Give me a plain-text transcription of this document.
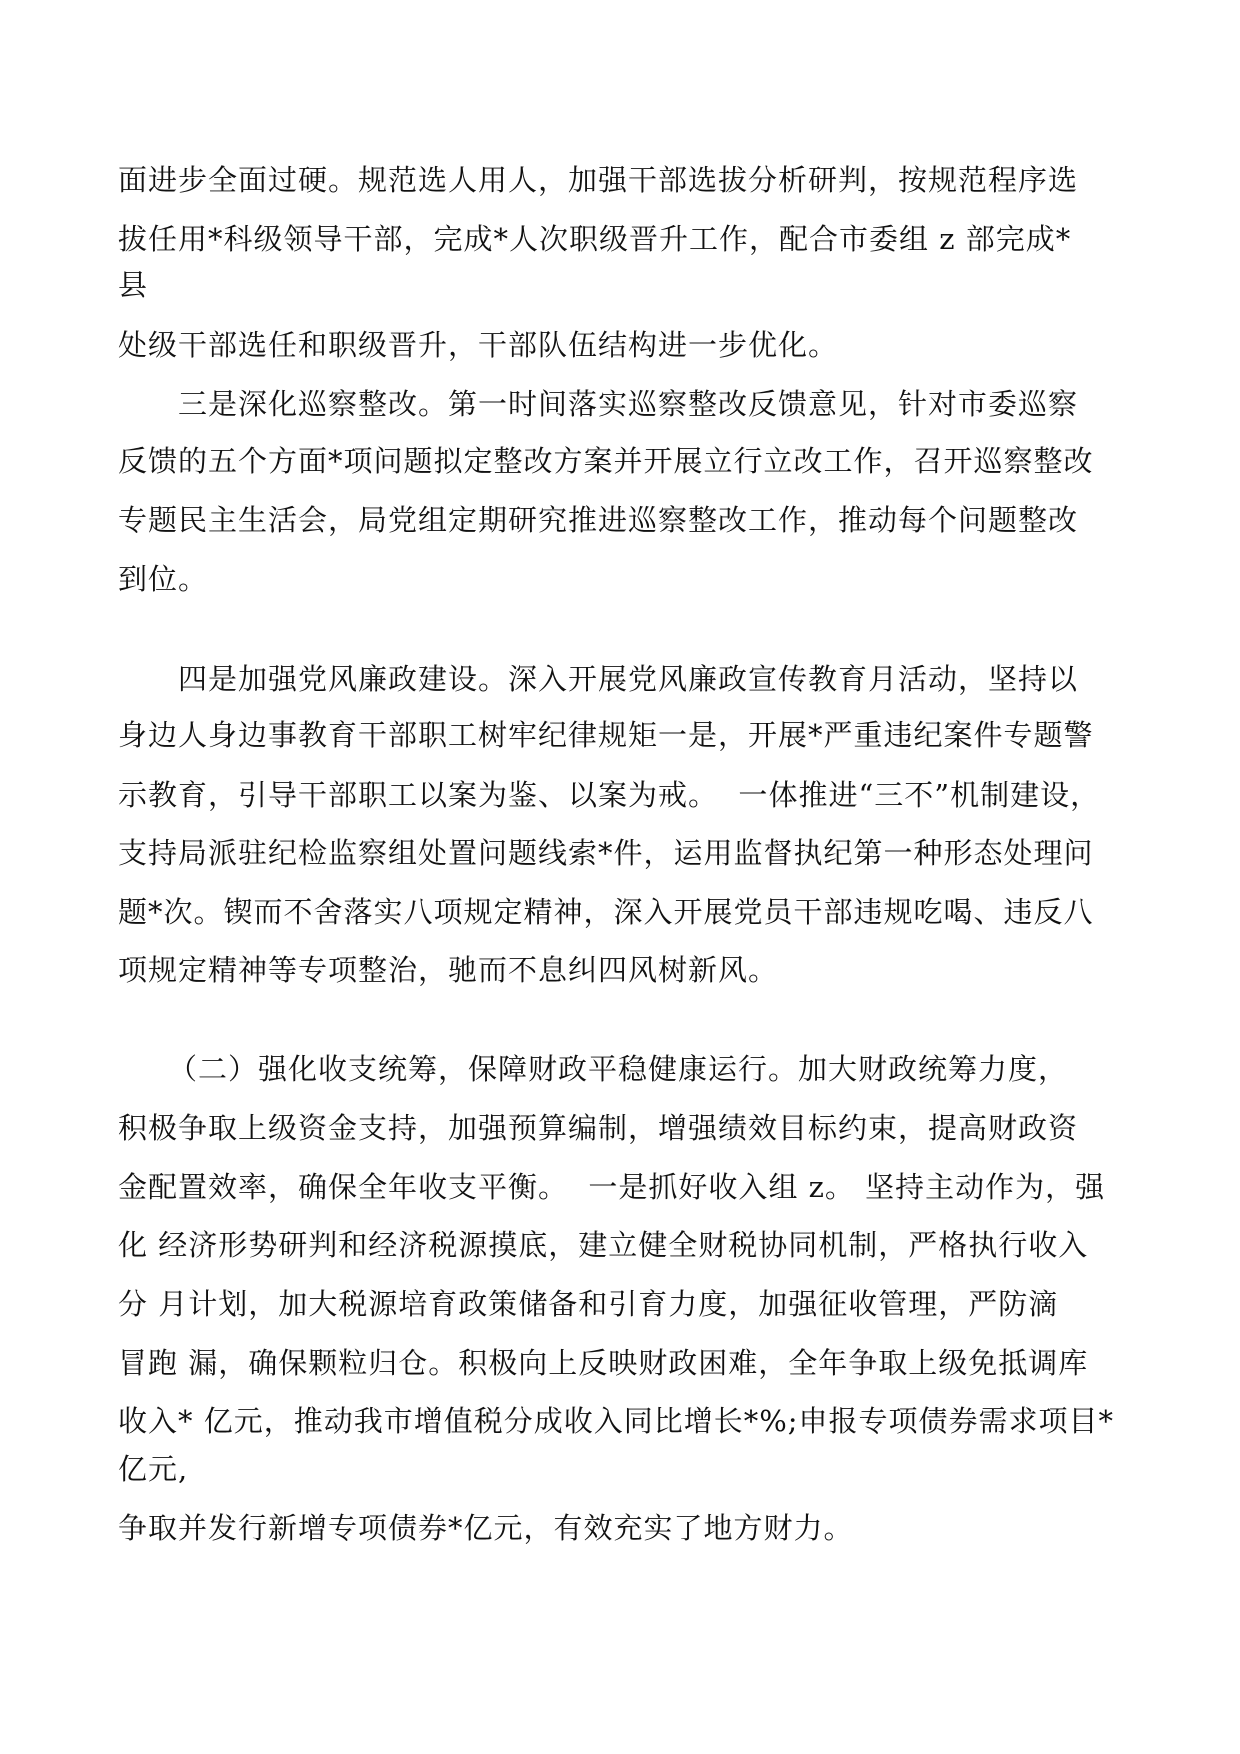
面进步全面过硬。规范选人用人，加强干部选拔分析研判，按规范程序选
拔任用*科级领导干部，完成*人次职级晋升工作，配合市委组 z 部完成*
县
处级干部选任和职级晋升，干部队伍结构进一步优化。
三是深化巡察整改。第一时间落实巡察整改反馈意见，针对市委巡察
反馈的五个方面*项问题拟定整改方案并开展立行立改工作，召开巡察整改
专题民主生活会，局党组定期研究推进巡察整改工作，推动每个问题整改
到位。
四是加强党风廉政建设。深入开展党风廉政宣传教育月活动，坚持以
身边人身边事教育干部职工树牢纪律规矩一是，开展*严重违纪案件专题警
示教育，引导干部职工以案为鉴、以案为戒。  一体推进“三不”机制建设，
支持局派驻纪检监察组处置问题线索*件，运用监督执纪第一种形态处理问
题*次。锲而不舍落实八项规定精神，深入开展党员干部违规吃喝、违反八
项规定精神等专项整治，驰而不息纠四风树新风。
（二）强化收支统筹，保障财政平稳健康运行。加大财政统筹力度，
积极争取上级资金支持，加强预算编制，增强绩效目标约束，提高财政资
金配置效率，确保全年收支平衡。  一是抓好收入组 z。 坚持主动作为，强
化 经济形势研判和经济税源摸底，建立健全财税协同机制，严格执行收入
分 月计划，加大税源培育政策储备和引育力度，加强征收管理，严防滴
冒跑 漏，确保颗粒归仓。积极向上反映财政困难，全年争取上级免抵调库
收入* 亿元，推动我市增值税分成收入同比增长*%;申报专项债券需求项目*
亿元,
争取并发行新增专项债券*亿元，有效充实了地方财力。
